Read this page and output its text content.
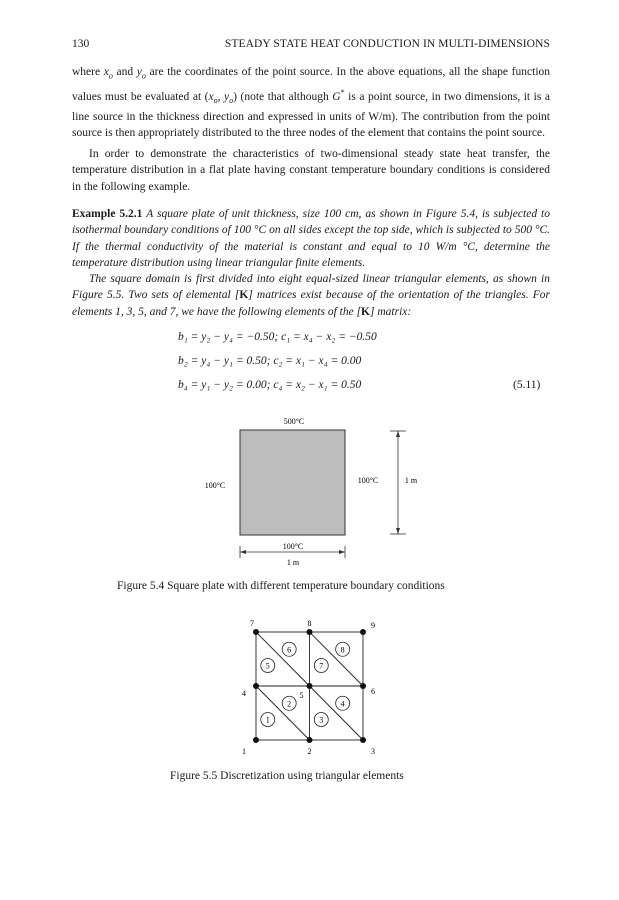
130	STEADY STATE HEAT CONDUCTION IN MULTI-DIMENSIONS

where $x_o$ and $y_o$ are the coordinates of the point source. In the above equations, all the shape function values must be evaluated at ($x_o$, $y_o$) (note that although G* is a point source, in two dimensions, it is a line source in the thickness direction and expressed in units of W/m). The contribution from the point source is then appropriately distributed to the three nodes of the element that contains the point source.

In order to demonstrate the characteristics of two-dimensional steady state heat transfer, the temperature distribution in a flat plate having constant temperature boundary conditions is considered in the following example.

Example 5.2.1 A square plate of unit thickness, size 100 cm, as shown in Figure 5.4, is subjected to isothermal boundary conditions of 100 °C on all sides except the top side, which is subjected to 500 °C. If the thermal conductivity of the material is constant and equal to 10 W/m °C, determine the temperature distribution using linear triangular finite elements.

The square domain is first divided into eight equal-sized linear triangular elements, as shown in Figure 5.5. Two sets of elemental [K] matrices exist because of the orientation of the triangles. For elements 1, 3, 5, and 7, we have the following elements of the [K] matrix:

b₁ = y₂ − y₄ = −0.50; c₁ = x₄ − x₂ = −0.50
b₂ = y₄ − y₁ = 0.50; c₂ = x₁ − x₄ = 0.00
b₄ = y₁ − y₂ = 0.00; c₄ = x₂ − x₁ = 0.50	(5.11)
500°C
100°C
100°C
100°C
1 m
1 m
1	2	3
4	5	6
7	8	9
1
2
3
4
5
6
7
8
Figure 5.4 Square plate with different temperature boundary conditions
Figure 5.5 Discretization using triangular elements
